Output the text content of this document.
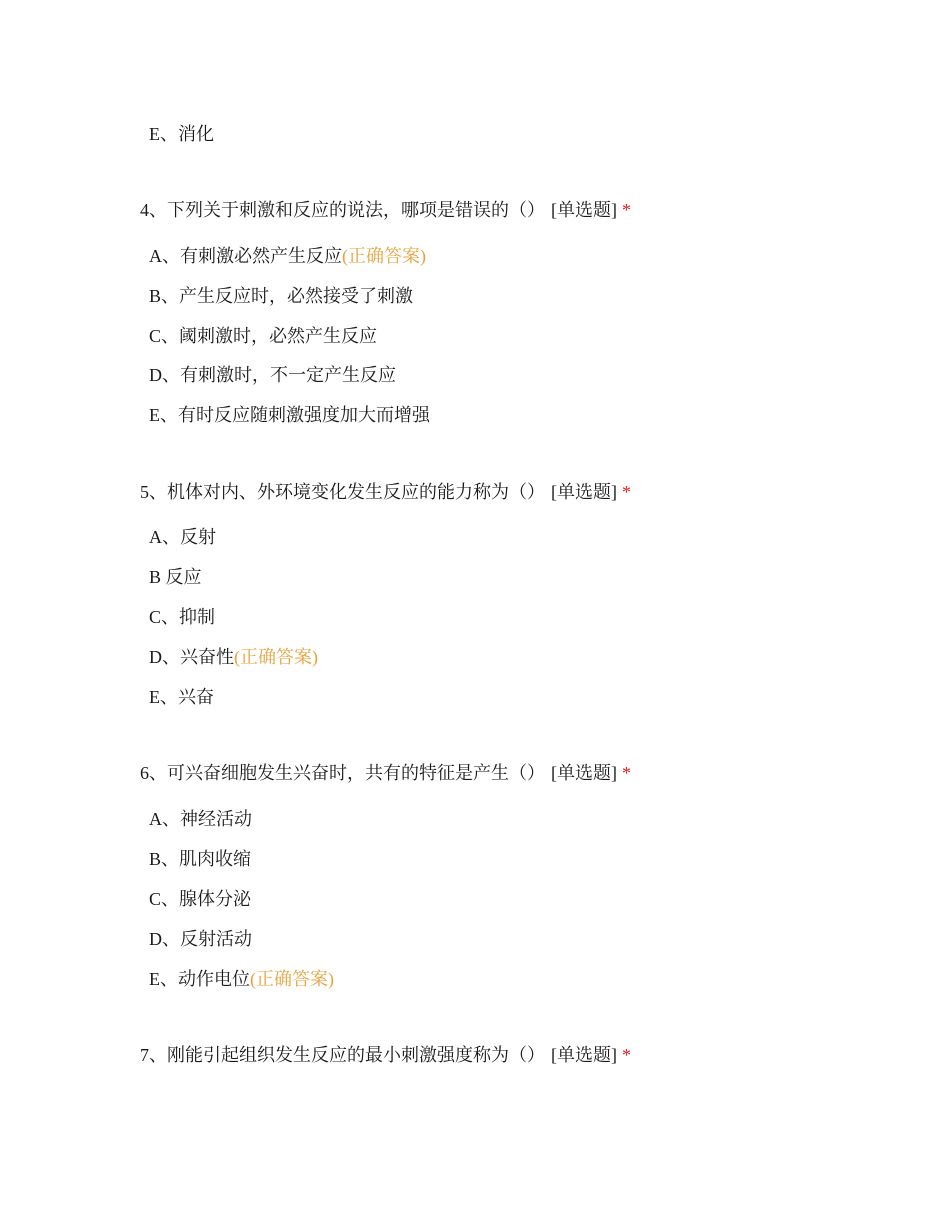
E、消化
4、下列关于刺激和反应的说法，哪项是错误的（） [单选题] *
A、有刺激必然产生反应(正确答案)
B、产生反应时，必然接受了刺激
C、阈刺激时，必然产生反应
D、有刺激时，不一定产生反应
E、有时反应随刺激强度加大而增强
5、机体对内、外环境变化发生反应的能力称为（） [单选题] *
A、反射
B 反应
C、抑制
D、兴奋性(正确答案)
E、兴奋
6、可兴奋细胞发生兴奋时，共有的特征是产生（） [单选题] *
A、神经活动
B、肌肉收缩
C、腺体分泌
D、反射活动
E、动作电位(正确答案)
7、刚能引起组织发生反应的最小刺激强度称为（） [单选题] *
